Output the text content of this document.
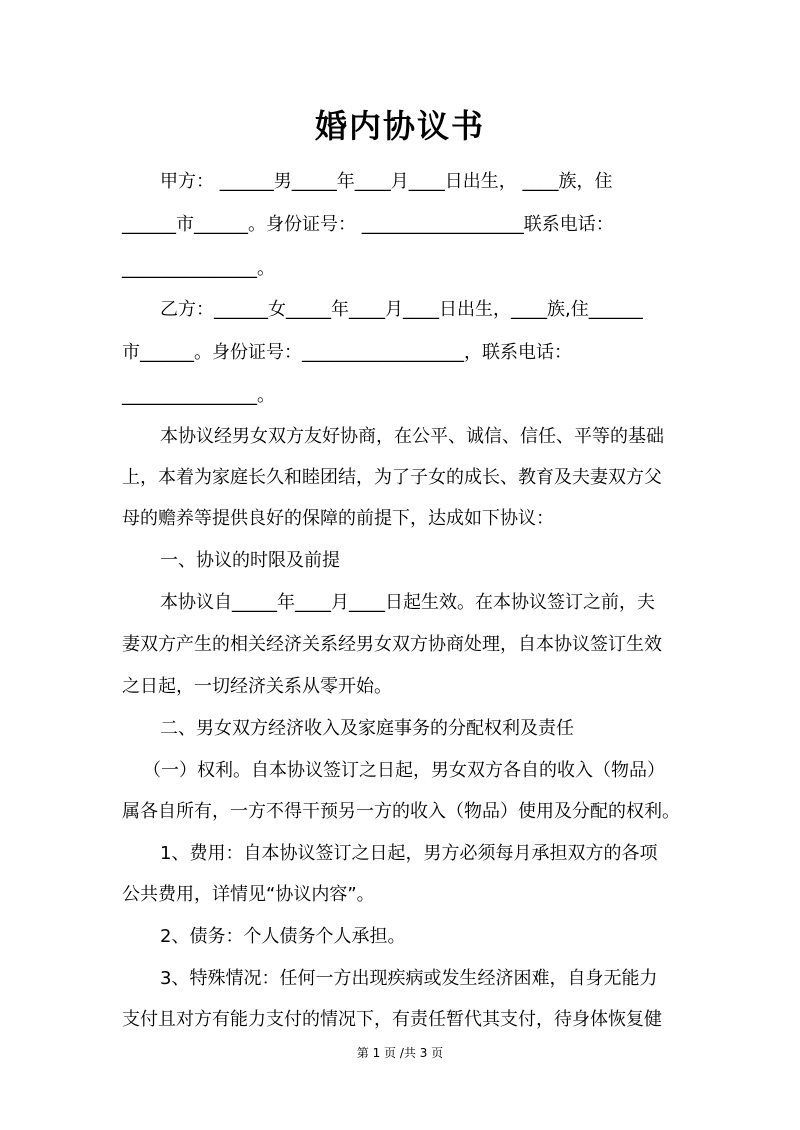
婚内协议书
甲方： ______男_____年____月____日出生， ____族，住
______市______。身份证号： __________________联系电话：
_______________。
乙方：______女_____年____月____日出生，____族,住______
市______。身份证号：__________________，联系电话：
_______________。
本协议经男女双方友好协商，在公平、诚信、信任、平等的基础
上，本着为家庭长久和睦团结，为了子女的成长、教育及夫妻双方父
母的赡养等提供良好的保障的前提下，达成如下协议：
一、协议的时限及前提
本协议自_____年____月____日起生效。在本协议签订之前，夫
妻双方产生的相关经济关系经男女双方协商处理，自本协议签订生效
之日起，一切经济关系从零开始。
二、男女双方经济收入及家庭事务的分配权利及责任
（一）权利。自本协议签订之日起，男女双方各自的收入（物品）
属各自所有，一方不得干预另一方的收入（物品）使用及分配的权利。
1、费用：自本协议签订之日起，男方必须每月承担双方的各项
公共费用，详情见“协议内容”。
2、债务：个人债务个人承担。
3、特殊情况：任何一方出现疾病或发生经济困难，自身无能力
支付且对方有能力支付的情况下，有责任暂代其支付，待身体恢复健
第 1 页 /共 3 页
